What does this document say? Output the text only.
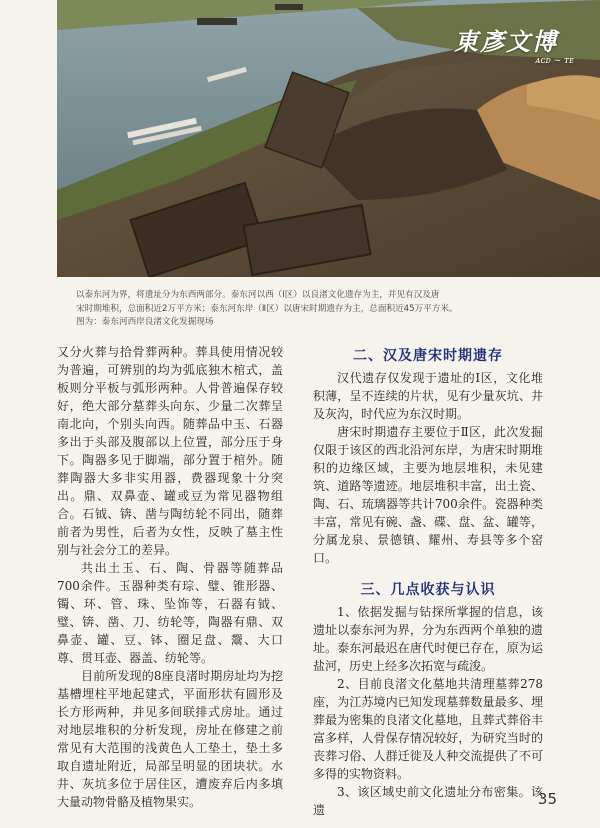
東彥文博
ᴀᴄᴅ ~ ᴛᴇ

以泰东河为界，将遗址分为东西两部分。泰东河以西（Ⅰ区）以良渚文化遗存为主，并见有汉及唐

宋时期堆积，总面积近2万平方米；泰东河东岸（Ⅱ区）以唐宋时期遗存为主，总面积近45万平方米。

图为：泰东河西岸良渚文化发掘现场

又分火葬与拾骨葬两种。葬具使用情况较为普遍，可辨别的均为弧底独木棺式，盖板则分平板与弧形两种。人骨普遍保存较好，绝大部分墓葬头向东、少量二次葬呈南北向，个别头向西。随葬品中玉、石器多出于头部及腹部以上位置，部分压于身下。陶器多见于脚端，部分置于棺外。随葬陶器大多非实用器，费器现象十分突出。鼎、双鼻壶、罐或豆为常见器物组合。石钺、锛、凿与陶纺轮不同出，随葬前者为男性，后者为女性，反映了墓主性别与社会分工的差异。

共出土玉、石、陶、骨器等随葬品700余件。玉器种类有琮、璧、锥形器、镯、环、管、珠、坠饰等，石器有钺、璧、锛、凿、刀、纺轮等，陶器有鼎、双鼻壶、罐、豆、钵、圈足盘、鬶、大口尊、贯耳壶、器盖、纺轮等。

目前所发现的8座良渚时期房址均为挖基槽埋柱平地起建式，平面形状有圆形及长方形两种，并见多间联排式房址。通过对地层堆积的分析发现，房址在修建之前常见有大范围的浅黄色人工垫土，垫土多取自遗址附近，局部呈明显的团块状。水井、灰坑多位于居住区，遭废弃后内多填大量动物骨骼及植物果实。

二、汉及唐宋时期遗存

汉代遗存仅发现于遗址的Ⅰ区，文化堆积薄，呈不连续的片状，见有少量灰坑、井及灰沟，时代应为东汉时期。

唐宋时期遗存主要位于Ⅱ区，此次发掘仅限于该区的西北沿河东岸，为唐宋时期堆积的边缘区域，主要为地层堆积，未见建筑、道路等遗迹。地层堆积丰富，出土瓷、陶、石、琉璃器等共计700余件。瓷器种类丰富，常见有碗、盏、碟、盘、盆、罐等，分属龙泉、景德镇、耀州、寿县等多个窑口。

三、几点收获与认识

1、依据发掘与钻探所掌握的信息，该遗址以泰东河为界，分为东西两个单独的遗址。泰东河最迟在唐代时便已存在，原为运盐河，历史上经多次拓宽与疏浚。

2、目前良渚文化墓地共清理墓葬278座，为江苏境内已知发现墓葬数量最多、埋葬最为密集的良渚文化墓地，且葬式葬俗丰富多样，人骨保存情况较好，为研究当时的丧葬习俗、人群迁徙及人种交流提供了不可多得的实物资料。

3、该区域史前文化遗址分布密集。该遗

35
